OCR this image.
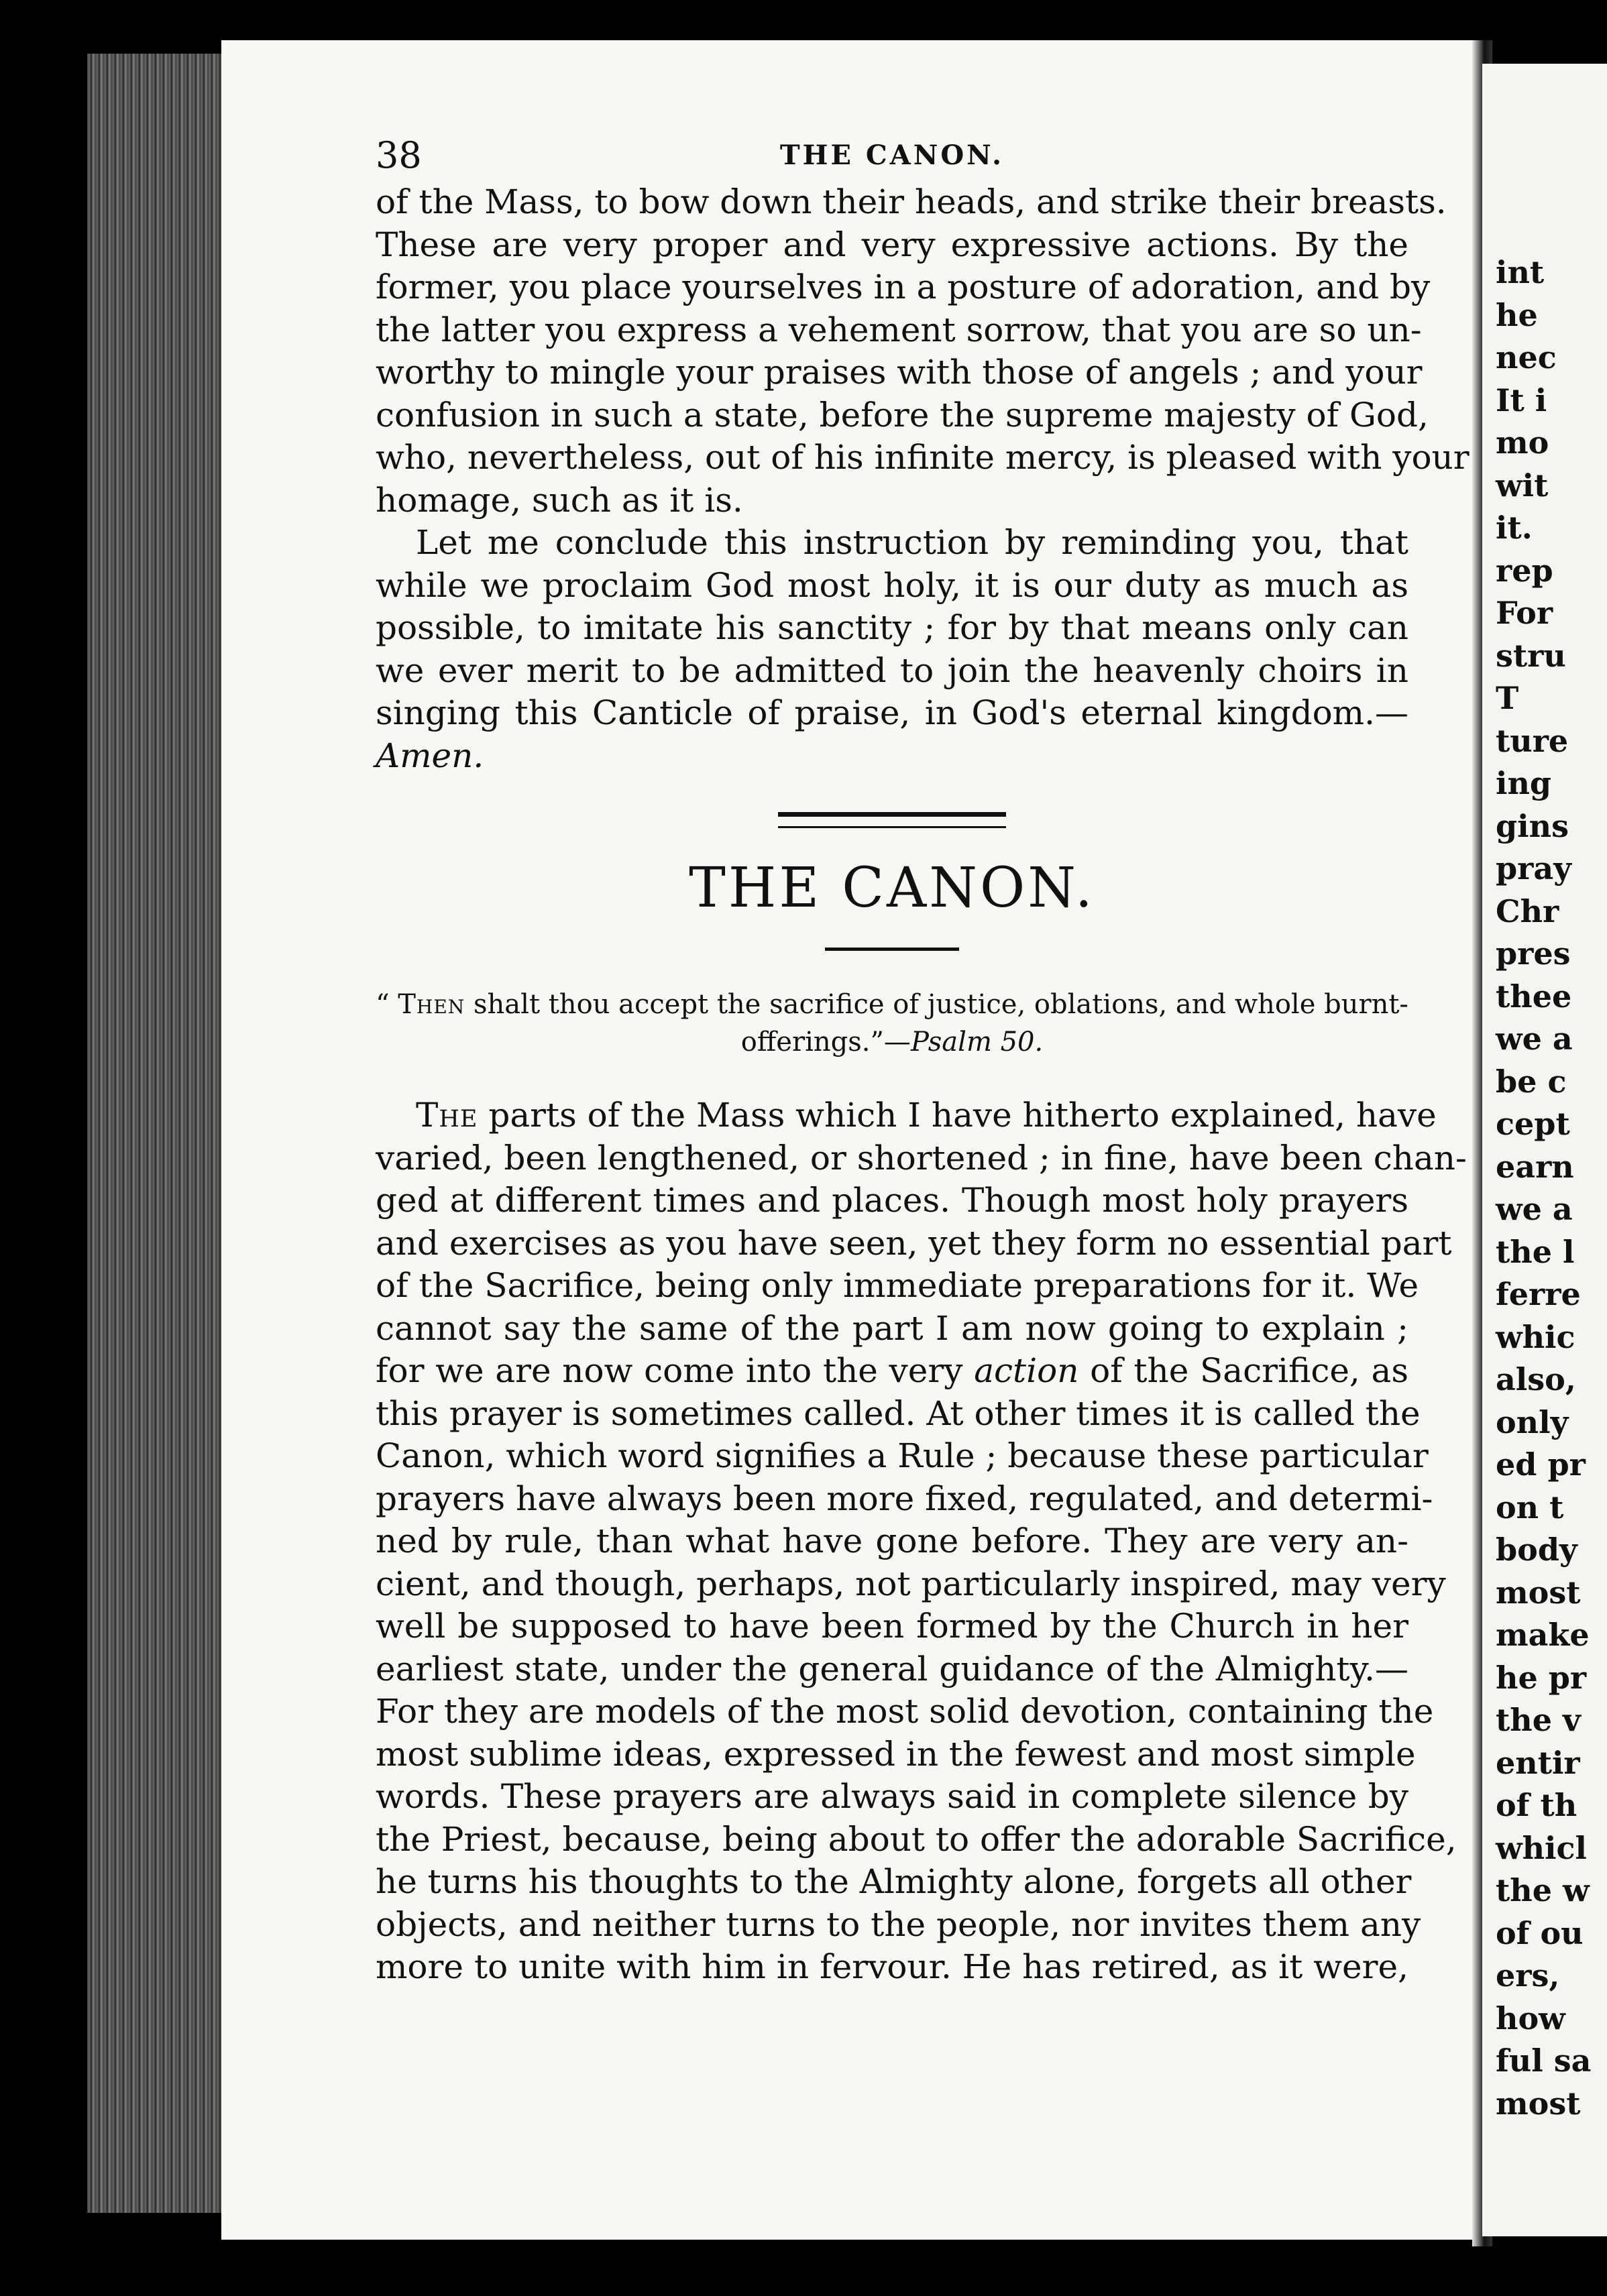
int
he
nec
It i
mo
wit
it.
rep
For
stru
T
ture
ing
gins
pray
Chr
pres
thee
we a
be c
cept
earn
we a
the l
ferre
whic
also,
only
ed pr
on t
body
most
make
he pr
the v
entir
of th
whicl
the w
of ou
ers,
how
ful sa
most
38	THE CANON.
of the Mass, to bow down their heads, and strike their breasts.
These are very proper and very expressive actions. By the
former, you place yourselves in a posture of adoration, and by
the latter you express a vehement sorrow, that you are so un-
worthy to mingle your praises with those of angels ; and your
confusion in such a state, before the supreme majesty of God,
who, nevertheless, out of his infinite mercy, is pleased with your
homage, such as it is.
Let me conclude this instruction by reminding you, that
while we proclaim God most holy, it is our duty as much as
possible, to imitate his sanctity ; for by that means only can
we ever merit to be admitted to join the heavenly choirs in
singing this Canticle of praise, in God's eternal kingdom.—
Amen.
THE CANON.
“ Then shalt thou accept the sacrifice of justice, oblations, and whole burnt-
offerings.”—Psalm 50.
The parts of the Mass which I have hitherto explained, have
varied, been lengthened, or shortened ; in fine, have been chan-
ged at different times and places. Though most holy prayers
and exercises as you have seen, yet they form no essential part
of the Sacrifice, being only immediate preparations for it. We
cannot say the same of the part I am now going to explain ;
for we are now come into the very action of the Sacrifice, as
this prayer is sometimes called. At other times it is called the
Canon, which word signifies a Rule ; because these particular
prayers have always been more fixed, regulated, and determi-
ned by rule, than what have gone before. They are very an-
cient, and though, perhaps, not particularly inspired, may very
well be supposed to have been formed by the Church in her
earliest state, under the general guidance of the Almighty.—
For they are models of the most solid devotion, containing the
most sublime ideas, expressed in the fewest and most simple
words. These prayers are always said in complete silence by
the Priest, because, being about to offer the adorable Sacrifice,
he turns his thoughts to the Almighty alone, forgets all other
objects, and neither turns to the people, nor invites them any
more to unite with him in fervour. He has retired, as it were,
